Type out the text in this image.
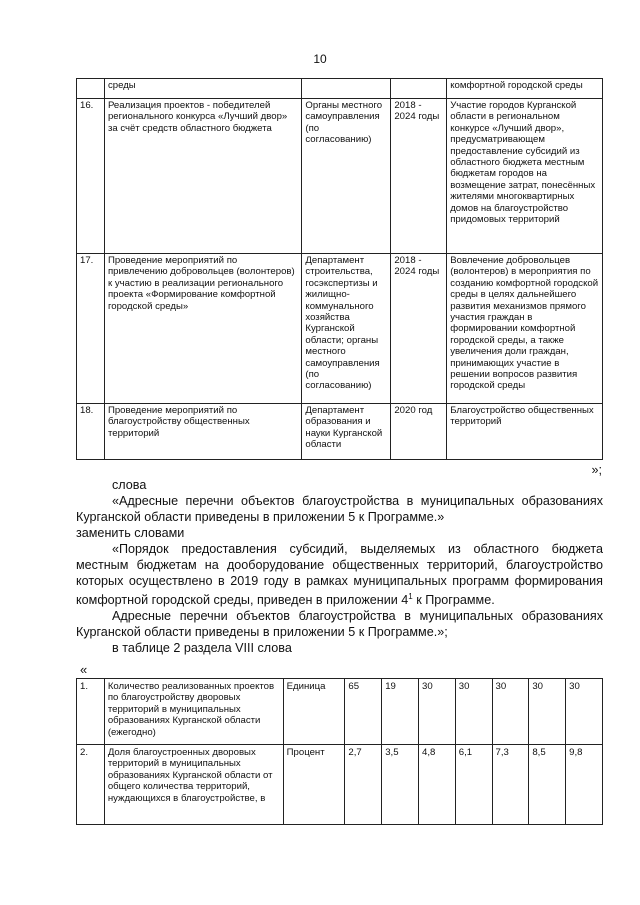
10
	среды			комфортной городской среды
16.	Реализация проектов - победителей регионального конкурса «Лучший двор» за счёт средств областного бюджета	Органы местного самоуправления (по согласованию)	2018 - 2024 годы	Участие городов Курганской области в региональном конкурсе «Лучший двор», предусматривающем предоставление субсидий из областного бюджета местным бюджетам городов на возмещение затрат, понесённых жителями многоквартирных домов на благоустройство придомовых территорий
17.	Проведение мероприятий по привлечению добровольцев (волонтеров) к участию в реализации регионального проекта «Формирование комфортной городской среды»	Департамент строительства, госэкспертизы и жилищно-коммунального хозяйства Курганской области; органы местного самоуправления (по согласованию)	2018 - 2024 годы	Вовлечение добровольцев (волонтеров) в мероприятия по созданию комфортной городской среды в целях дальнейшего развития механизмов прямого участия граждан в формировании комфортной городской среды, а также увеличения доли граждан, принимающих участие в решении вопросов развития городской среды
18.	Проведение мероприятий по благоустройству общественных территорий	Департамент образования и науки Курганской области	2020 год	Благоустройство общественных территорий
»;
слова
«Адресные перечни объектов благоустройства в муниципальных образованиях Курганской области приведены в приложении 5 к Программе.»
заменить словами
«Порядок предоставления субсидий, выделяемых из областного бюджета местным бюджетам на дооборудование общественных территорий, благоустройство которых осуществлено в 2019 году в рамках муниципальных программ формирования комфортной городской среды, приведен в приложении $4^1$ к Программе.
Адресные перечни объектов благоустройства в муниципальных образованиях Курганской области приведены в приложении 5 к Программе.»;
в таблице 2 раздела VIII слова
«
1.	Количество реализованных проектов по благоустройству дворовых территорий в муниципальных образованиях Курганской области (ежегодно)	Единица	65	19	30	30	30	30	30
2.	Доля благоустроенных дворовых территорий в муниципальных образованиях Курганской области от общего количества территорий, нуждающихся в благоустройстве, в	Процент	2,7	3,5	4,8	6,1	7,3	8,5	9,8
